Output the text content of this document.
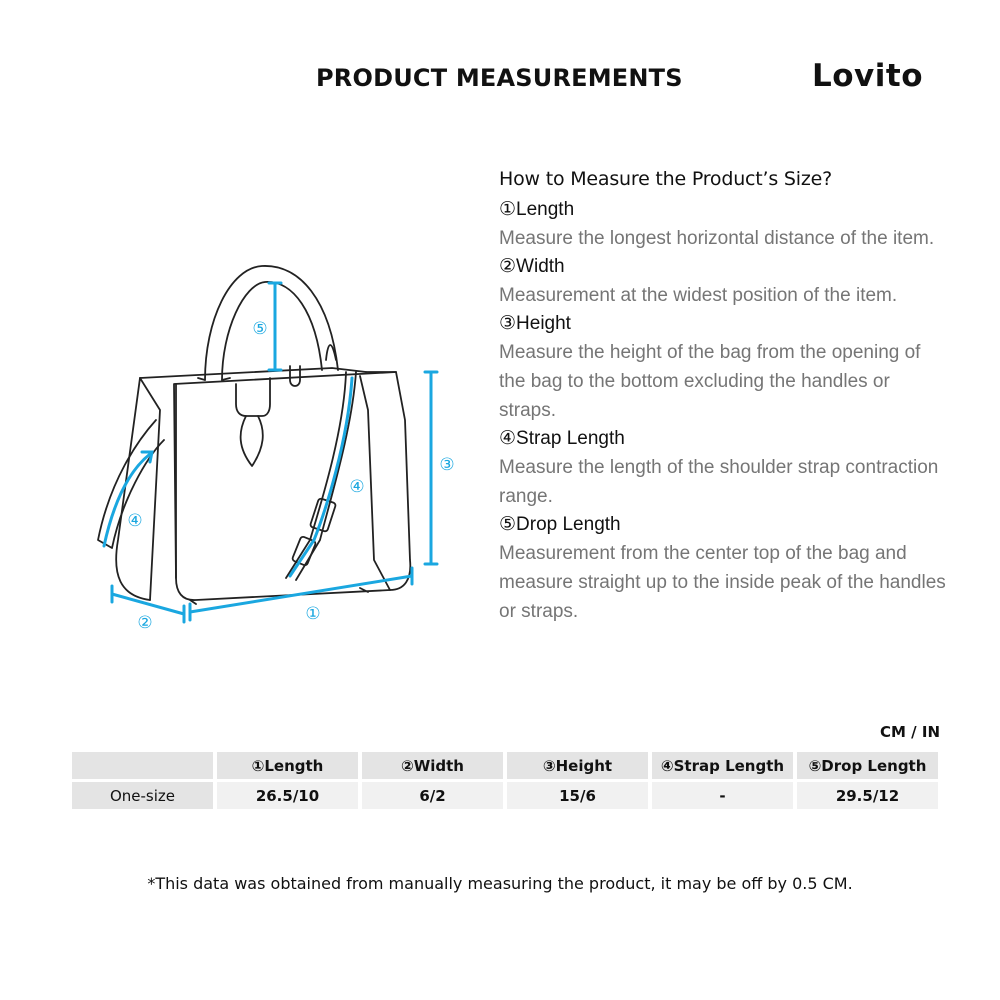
PRODUCT MEASUREMENTS	Lovito
①
②
③
④
④
⑤
How to Measure the Product’s Size?
①Length
Measure the longest horizontal distance of the item.
②Width
Measurement at the widest position of the item.
③Height
Measure the height of the bag from the opening of the bag to the bottom excluding the handles or straps.
④Strap Length
Measure the length of the shoulder strap contraction range.
⑤Drop Length
Measurement from the center top of the bag and measure straight up to the inside peak of the handles or straps.
CM / IN
	①Length	②Width	③Height	④Strap Length	⑤Drop Length
One-size	26.5/10	6/2	15/6	-	29.5/12
*This data was obtained from manually measuring the product, it may be off by 0.5 CM.
